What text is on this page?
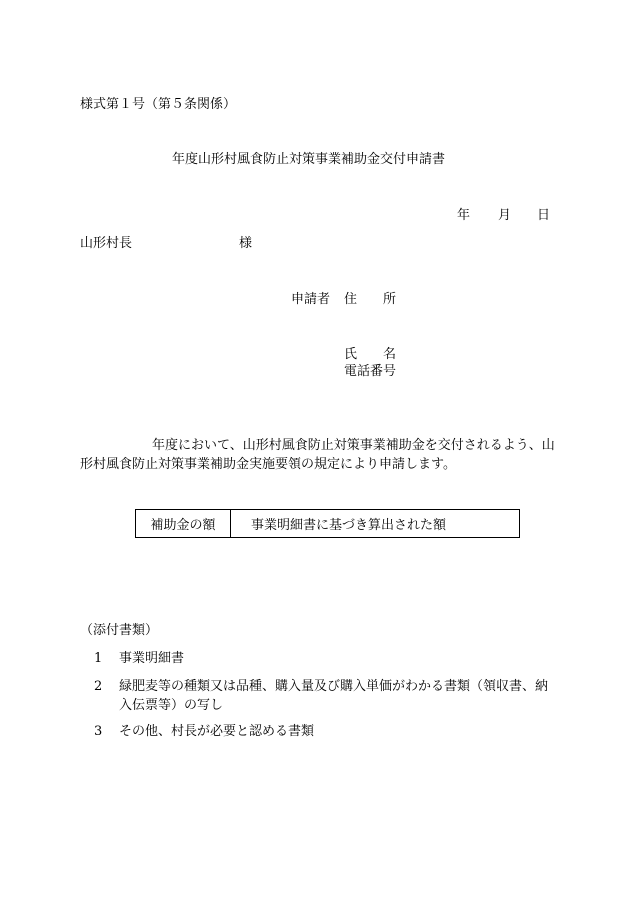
様式第１号（第５条関係）
年度山形村風食防止対策事業補助金交付申請書
年 月 日
山形村長	様
申請者 住　　所
氏　　名
電話番号
年度において、山形村風食防止対策事業補助金を交付されるよう、山形村風食防止対策事業補助金実施要領の規定により申請します。
補助金の額	事業明細書に基づき算出された額
（添付書類）
1 事業明細書
2 緑肥麦等の種類又は品種、購入量及び購入単価がわかる書類（領収書、納入伝票等）の写し
3 その他、村長が必要と認める書類
